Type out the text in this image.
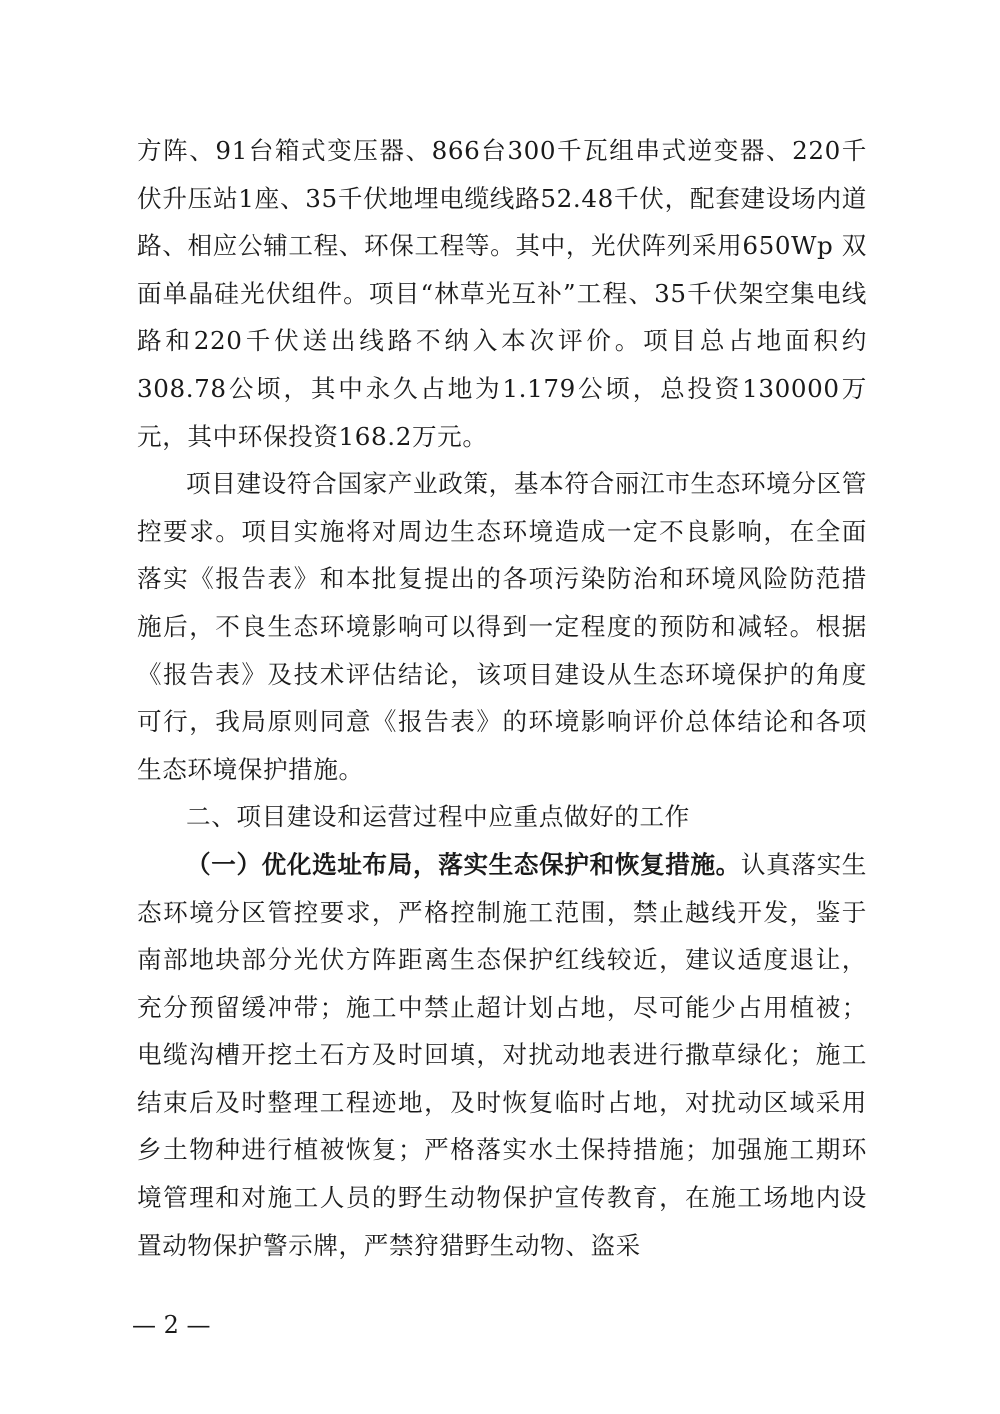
方阵、91台箱式变压器、866台300千瓦组串式逆变器、220千伏升压站1座、35千伏地埋电缆线路52.48千伏，配套建设场内道路、相应公辅工程、环保工程等。其中，光伏阵列采用650Wp 双面单晶硅光伏组件。项目“林草光互补”工程、35千伏架空集电线路和220千伏送出线路不纳入本次评价。项目总占地面积约308.78公顷，其中永久占地为1.179公顷，总投资130000万元，其中环保投资168.2万元。

项目建设符合国家产业政策，基本符合丽江市生态环境分区管控要求。项目实施将对周边生态环境造成一定不良影响，在全面落实《报告表》和本批复提出的各项污染防治和环境风险防范措施后，不良生态环境影响可以得到一定程度的预防和减轻。根据《报告表》及技术评估结论，该项目建设从生态环境保护的角度可行，我局原则同意《报告表》的环境影响评价总体结论和各项生态环境保护措施。

二、项目建设和运营过程中应重点做好的工作

（一）优化选址布局，落实生态保护和恢复措施。认真落实生态环境分区管控要求，严格控制施工范围，禁止越线开发，鉴于南部地块部分光伏方阵距离生态保护红线较近，建议适度退让，充分预留缓冲带；施工中禁止超计划占地，尽可能少占用植被；电缆沟槽开挖土石方及时回填，对扰动地表进行撒草绿化；施工结束后及时整理工程迹地，及时恢复临时占地，对扰动区域采用乡土物种进行植被恢复；严格落实水土保持措施；加强施工期环境管理和对施工人员的野生动物保护宣传教育，在施工场地内设置动物保护警示牌，严禁狩猎野生动物、盗采

— 2 —
